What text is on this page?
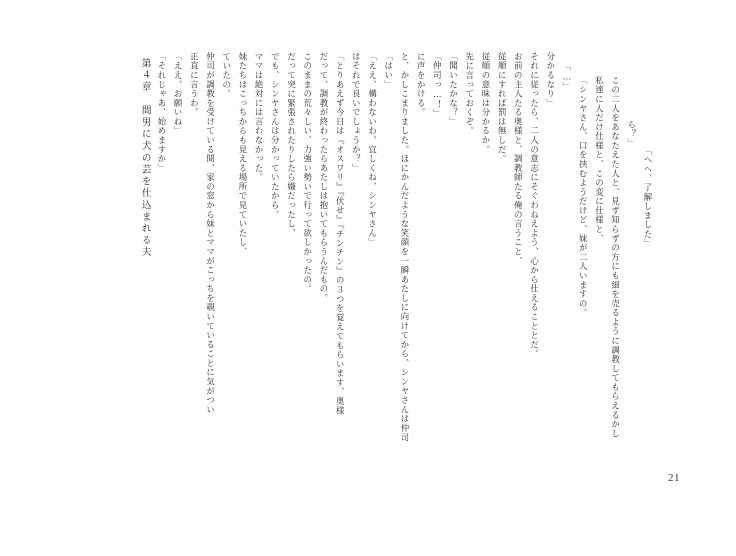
第４章　間男に犬の芸を仕込まれる夫 「それじゃあ、始めますか」 「ええ、お願いね」 正直に言うわ。 仲司が調教を受けている間、家の窓から妹とママがこっちを覗いていることに気がつい ていたの。 妹たちはこっちからも見える場所で見ていたし、 ママは絶対には言わなかった。 でも、シンヤさんは分かっていたから。 だって突に緊張されたりしたら嫌だったし、 このままの荒々しい、力強い勢いで行って欲しかったの。 だって、調教が終わったらあたしは抱いてもらうんだもの。 「とりあえず今日は『オスワリ』『伏せ』『チンチン』の３つを覚えてもらいます、奥様 はそれで良いでしょうか？」 「ええ、構わないわ。宜しくね、シンヤさん」 「はい」 と、かしこまりました。ほにかんだような笑顔を一瞬あたしに向けてから、シンヤさんは仲司 に声をかける。 「仲司っ…！」 「聞いたかな？」 先に言っておくぞ。 従順の意味は分かるか。 従順にすれば罰は無しだ。 お前の主人たる奥様と、調教師たる俺の言うこと、 それに従ったら、二人の意志にそぐわねえよう、心から仕えることとだ。 分かるなり」 「…」 「シンヤさん、口を挟むようだけど、妹が二人いますの。 私達に人だけ仕様と、この変に仕様と、 この二人をあなたえた人と、見ず知らずの方にも細を売るように調教してもらえるかし ら？」
「へへ、了解しました」
21
